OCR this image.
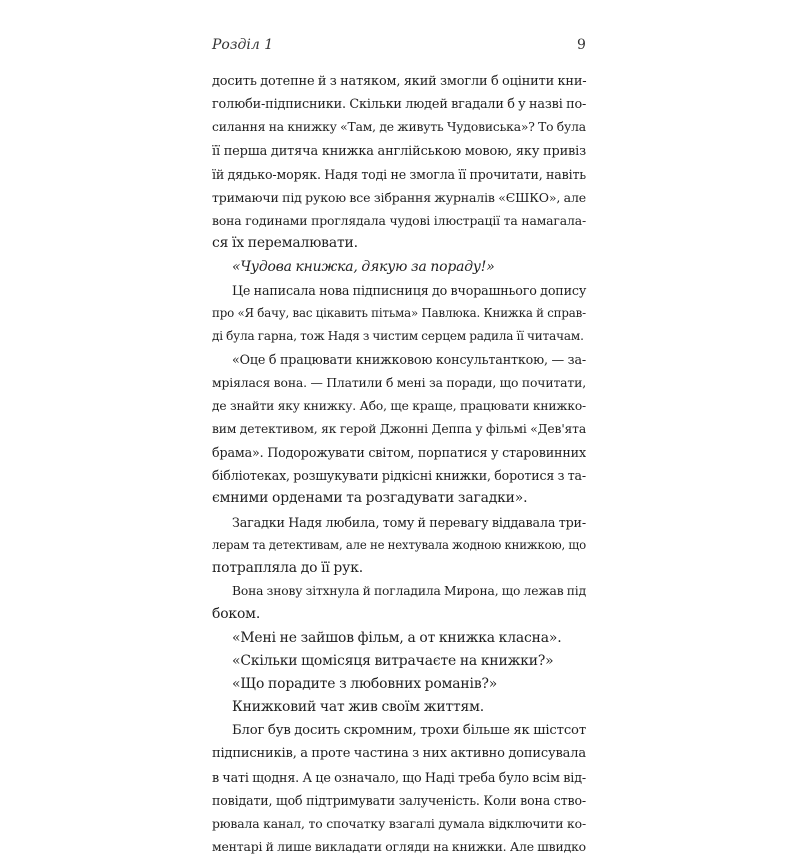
Розділ 1	9
досить дотепне й з натяком, який змогли б оцінити кни-
голюби-підписники. Скільки людей вгадали б у назві по-
силання на книжку «Там, де живуть Чудовиська»? То була
її перша дитяча книжка англійською мовою, яку привіз
їй дядько-моряк. Надя тоді не змогла її прочитати, навіть
тримаючи під рукою все зібрання журналів «ЄШКО», але
вона годинами проглядала чудові ілюстрації та намагала-
ся їх перемалювати.
«Чудова книжка, дякую за пораду!»
Це написала нова підписниця до вчорашнього допису
про «Я бачу, вас цікавить пітьма» Павлюка. Книжка й справ-
ді була гарна, тож Надя з чистим серцем радила її читачам.
«Оце б працювати книжковою консультанткою, — за-
мріялася вона. — Платили б мені за поради, що почитати,
де знайти яку книжку. Або, ще краще, працювати книжко-
вим детективом, як герой Джонні Деппа у фільмі «Дев'ята
брама». Подорожувати світом, порпатися у старовинних
бібліотеках, розшукувати рідкісні книжки, боротися з та-
ємними орденами та розгадувати загадки».
Загадки Надя любила, тому й перевагу віддавала три-
лерам та детективам, але не нехтувала жодною книжкою, що
потрапляла до її рук.
Вона знову зітхнула й погладила Мирона, що лежав під
боком.
«Мені не зайшов фільм, а от книжка класна».
«Скільки щомісяця витрачаєте на книжки?»
«Що порадите з любовних романів?»
Книжковий чат жив своїм життям.
Блог був досить скромним, трохи більше як шістсот
підписників, а проте частина з них активно дописувала
в чаті щодня. А це означало, що Наді треба було всім від-
повідати, щоб підтримувати залученість. Коли вона ство-
рювала канал, то спочатку взагалі думала відключити ко-
ментарі й лише викладати огляди на книжки. Але швидко
